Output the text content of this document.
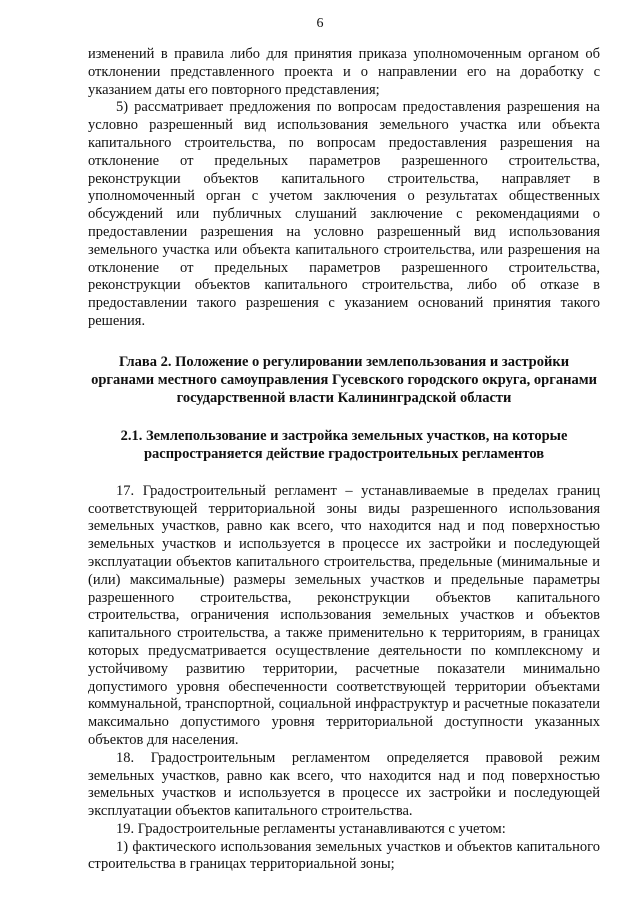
6

изменений в правила либо для принятия приказа уполномоченным органом об отклонении представленного проекта и о направлении его на доработку с указанием даты его повторного представления;

5) рассматривает предложения по вопросам предоставления разрешения на условно разрешенный вид использования земельного участка или объекта капитального строительства, по вопросам предоставления разрешения на отклонение от предельных параметров разрешенного строительства, реконструкции объектов капитального строительства, направляет в уполномоченный орган с учетом заключения о результатах общественных обсуждений или публичных слушаний заключение с рекомендациями о предоставлении разрешения на условно разрешенный вид использования земельного участка или объекта капитального строительства, или разрешения на отклонение от предельных параметров разрешенного строительства, реконструкции объектов капитального строительства, либо об отказе в предоставлении такого разрешения с указанием оснований принятия такого решения.

Глава 2. Положение о регулировании землепользования и застройки органами местного самоуправления Гусевского городского округа, органами государственной власти Калининградской области

2.1. Землепользование и застройка земельных участков, на которые распространяется действие градостроительных регламентов

17. Градостроительный регламент – устанавливаемые в пределах границ соответствующей территориальной зоны виды разрешенного использования земельных участков, равно как всего, что находится над и под поверхностью земельных участков и используется в процессе их застройки и последующей эксплуатации объектов капитального строительства, предельные (минимальные и (или) максимальные) размеры земельных участков и предельные параметры разрешенного строительства, реконструкции объектов капитального строительства, ограничения использования земельных участков и объектов капитального строительства, а также применительно к территориям, в границах которых предусматривается осуществление деятельности по комплексному и устойчивому развитию территории, расчетные показатели минимально допустимого уровня обеспеченности соответствующей территории объектами коммунальной, транспортной, социальной инфраструктур и расчетные показатели максимально допустимого уровня территориальной доступности указанных объектов для населения.

18. Градостроительным регламентом определяется правовой режим земельных участков, равно как всего, что находится над и под поверхностью земельных участков и используется в процессе их застройки и последующей эксплуатации объектов капитального строительства.

19. Градостроительные регламенты устанавливаются с учетом:

1) фактического использования земельных участков и объектов капитального строительства в границах территориальной зоны;
